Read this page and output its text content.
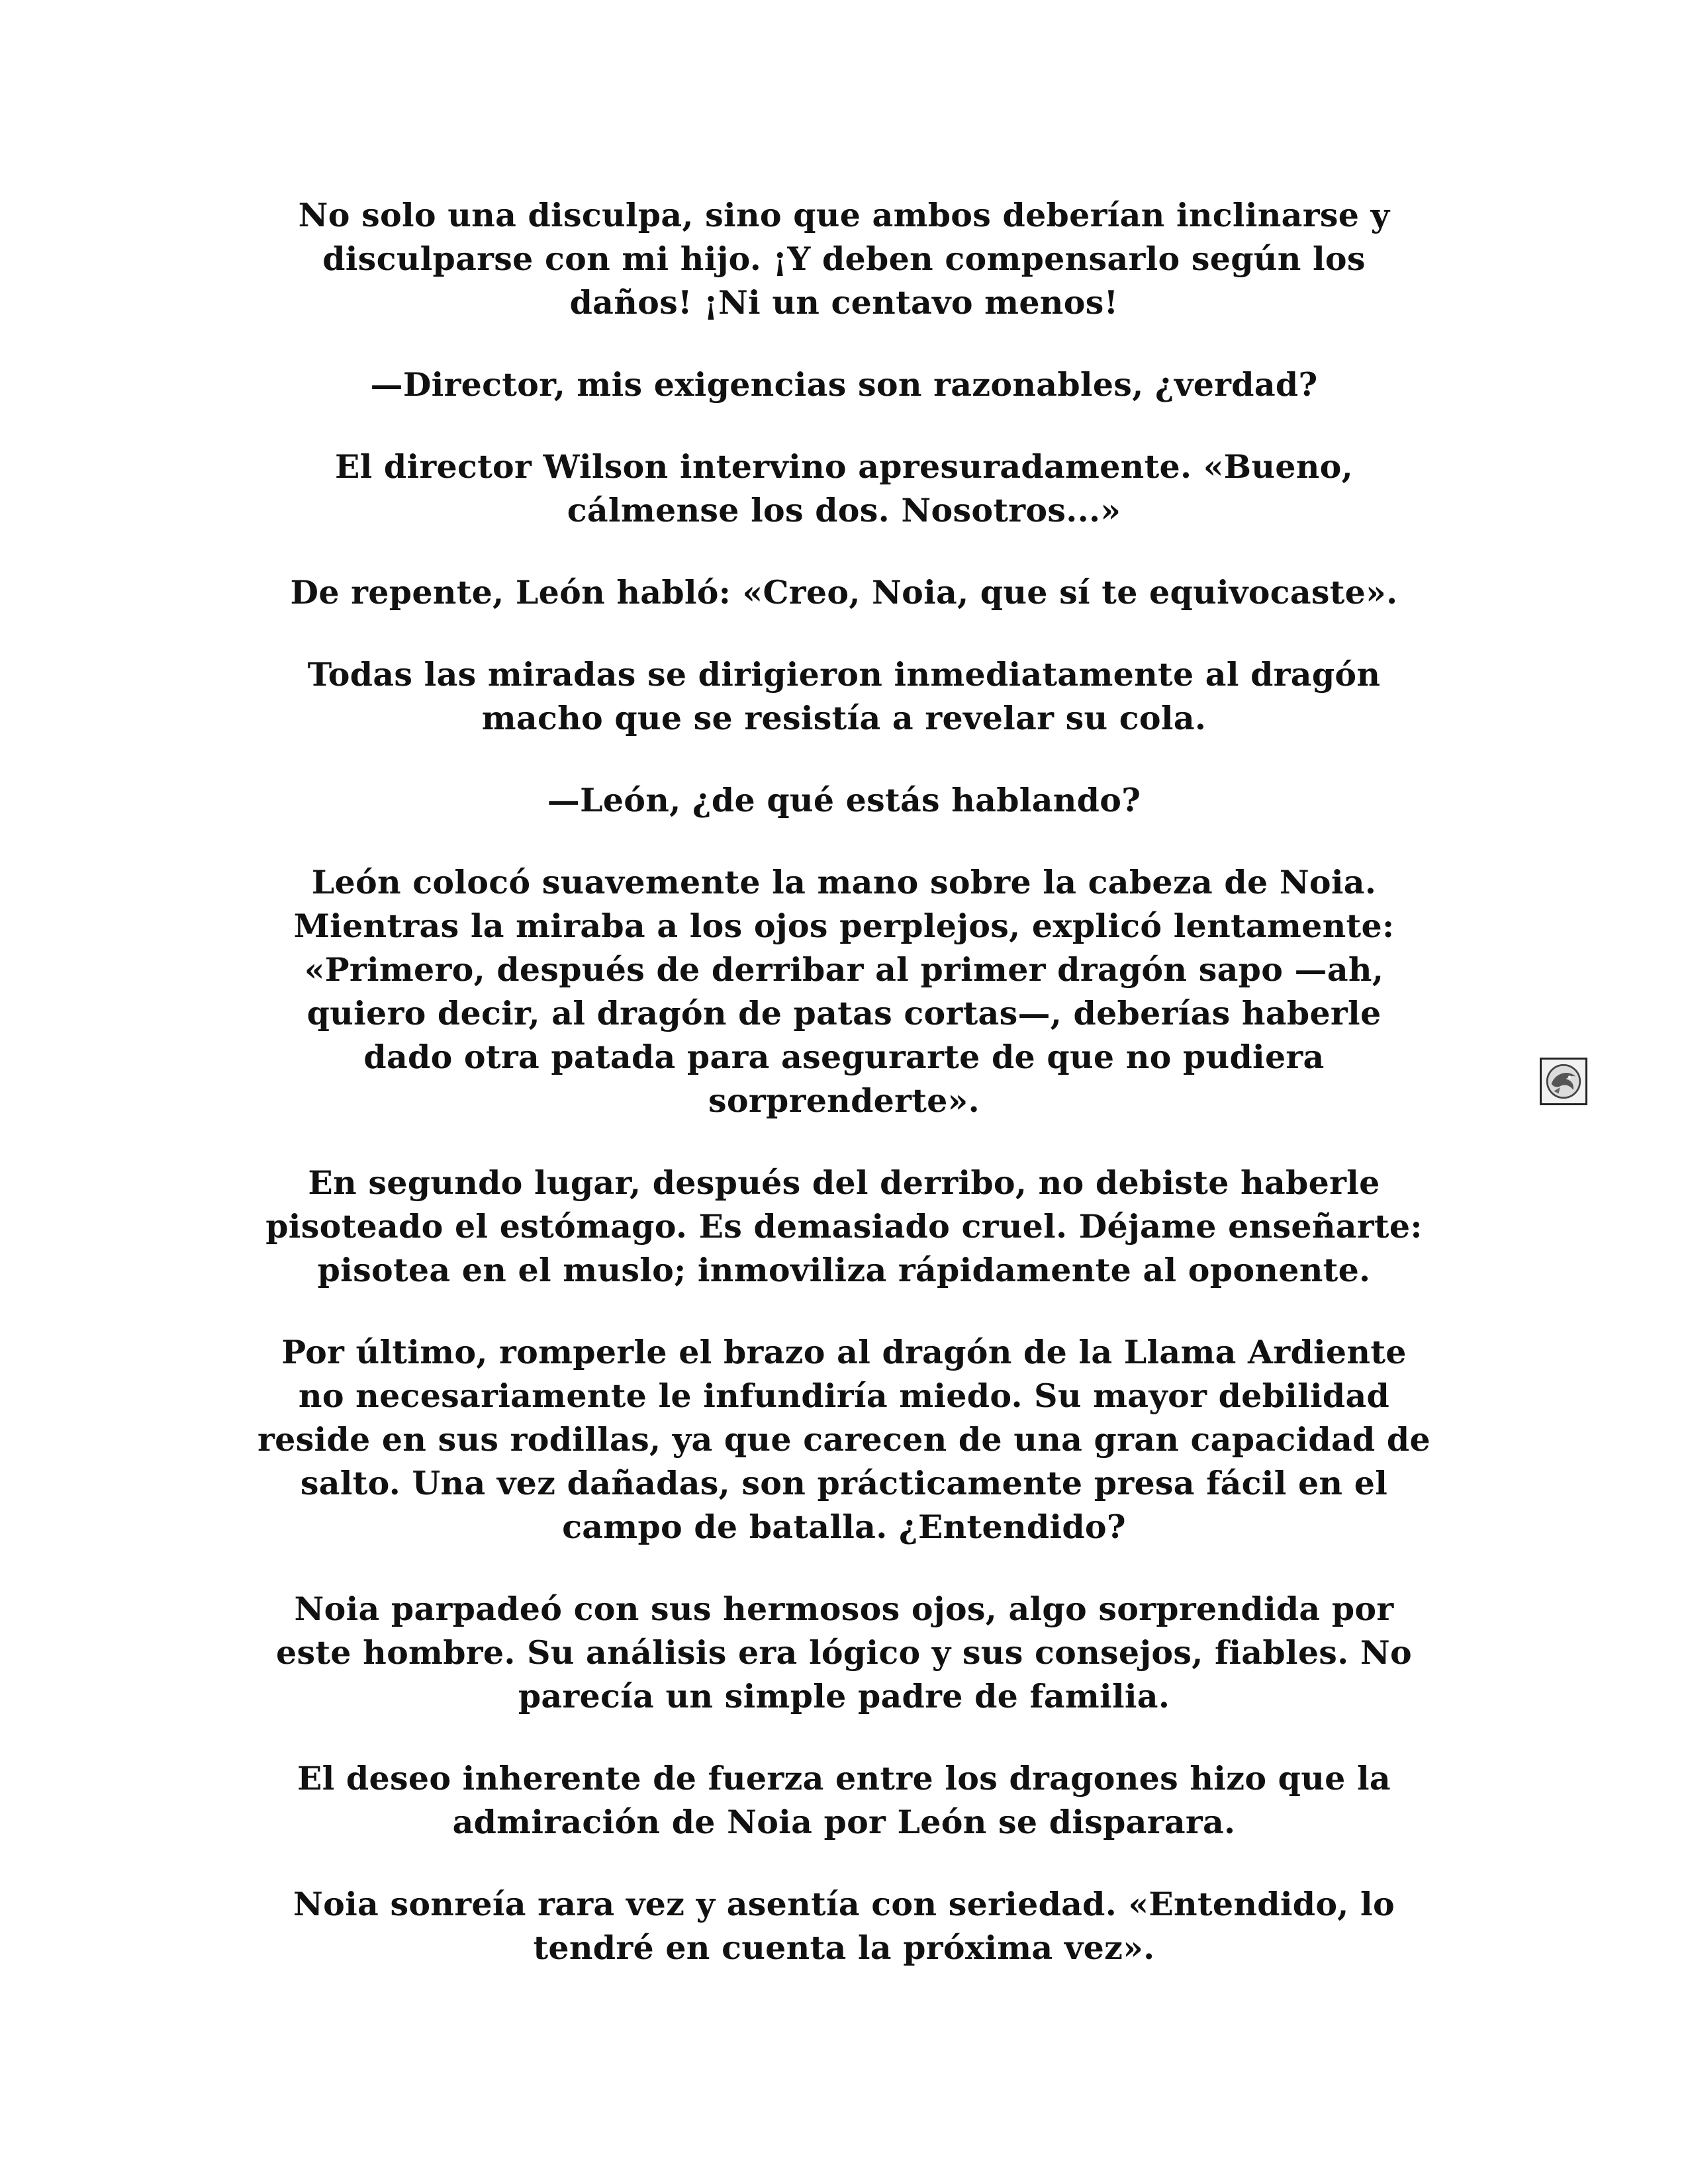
No solo una disculpa, sino que ambos deberían inclinarse y
disculparse con mi hijo. ¡Y deben compensarlo según los
daños! ¡Ni un centavo menos!

—Director, mis exigencias son razonables, ¿verdad?

El director Wilson intervino apresuradamente. «Bueno,
cálmense los dos. Nosotros...»

De repente, León habló: «Creo, Noia, que sí te equivocaste».

Todas las miradas se dirigieron inmediatamente al dragón
macho que se resistía a revelar su cola.

—León, ¿de qué estás hablando?

León colocó suavemente la mano sobre la cabeza de Noia.
Mientras la miraba a los ojos perplejos, explicó lentamente:
«Primero, después de derribar al primer dragón sapo —ah,
quiero decir, al dragón de patas cortas—, deberías haberle
dado otra patada para asegurarte de que no pudiera
sorprenderte».

En segundo lugar, después del derribo, no debiste haberle
pisoteado el estómago. Es demasiado cruel. Déjame enseñarte:
pisotea en el muslo; inmoviliza rápidamente al oponente.

Por último, romperle el brazo al dragón de la Llama Ardiente
no necesariamente le infundiría miedo. Su mayor debilidad
reside en sus rodillas, ya que carecen de una gran capacidad de
salto. Una vez dañadas, son prácticamente presa fácil en el
campo de batalla. ¿Entendido?

Noia parpadeó con sus hermosos ojos, algo sorprendida por
este hombre. Su análisis era lógico y sus consejos, fiables. No
parecía un simple padre de familia.

El deseo inherente de fuerza entre los dragones hizo que la
admiración de Noia por León se disparara.

Noia sonreía rara vez y asentía con seriedad. «Entendido, lo
tendré en cuenta la próxima vez».
